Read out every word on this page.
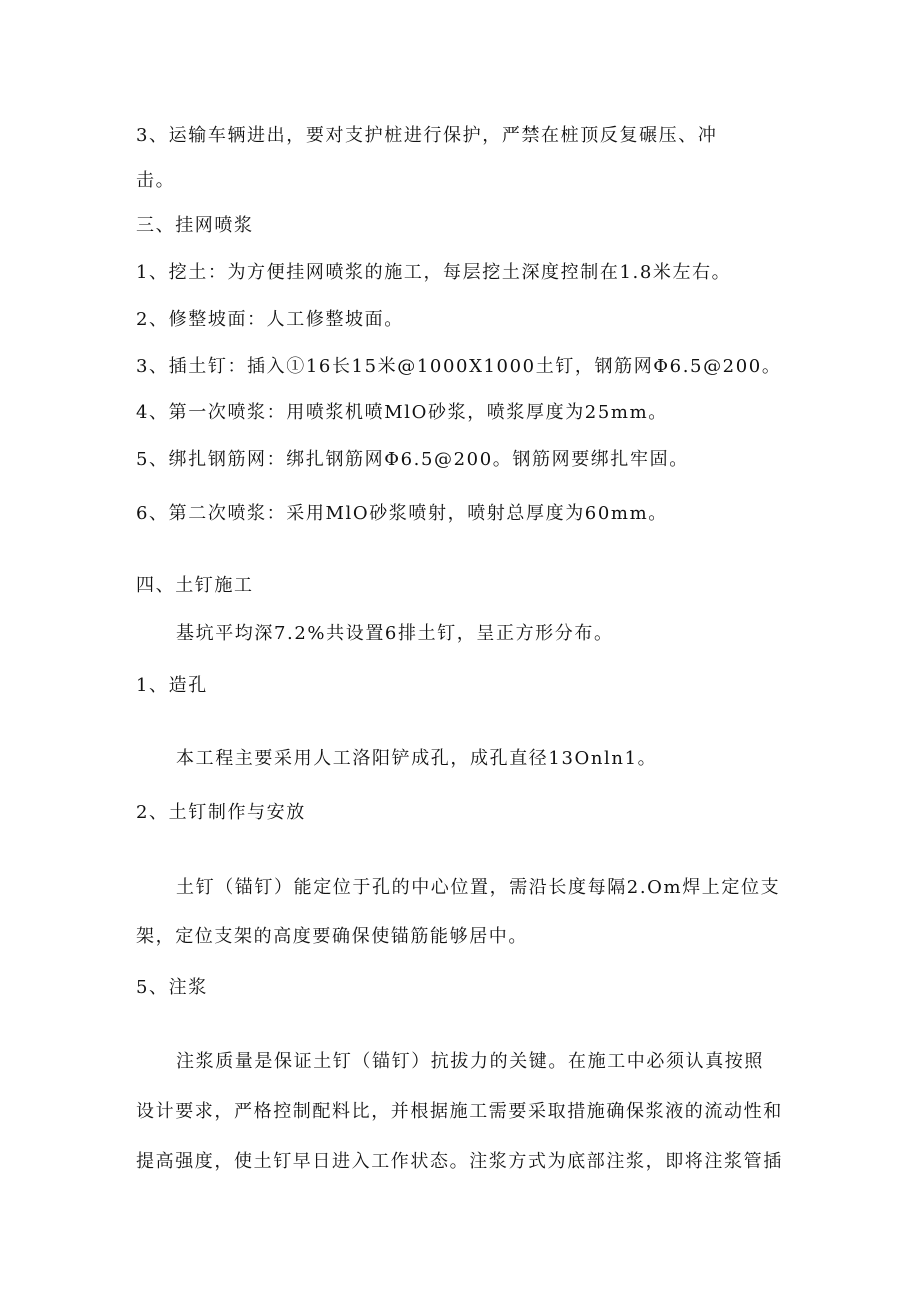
3、运输车辆进出，要对支护桩进行保护，严禁在桩顶反复碾压、冲
击。
三、挂网喷浆
1、挖土：为方便挂网喷浆的施工，每层挖土深度控制在1.8米左右。
2、修整坡面：人工修整坡面。
3、插土钉：插入①16长15米@1000X1000土钉，钢筋网Φ6.5@200。
4、第一次喷浆：用喷浆机喷MlO砂浆，喷浆厚度为25mm。
5、绑扎钢筋网：绑扎钢筋网Φ6.5@200。钢筋网要绑扎牢固。
6、第二次喷浆：采用MlO砂浆喷射，喷射总厚度为60mm。
四、土钉施工
基坑平均深7.2%共设置6排土钉，呈正方形分布。
1、造孔
本工程主要采用人工洛阳铲成孔，成孔直径13Onln1。
2、土钉制作与安放
土钉（锚钉）能定位于孔的中心位置，需沿长度每隔2.Om焊上定位支
架，定位支架的高度要确保使锚筋能够居中。
5、注浆
注浆质量是保证土钉（锚钉）抗拔力的关键。在施工中必须认真按照
设计要求，严格控制配料比，并根据施工需要采取措施确保浆液的流动性和
提高强度，使土钉早日进入工作状态。注浆方式为底部注浆，即将注浆管插
